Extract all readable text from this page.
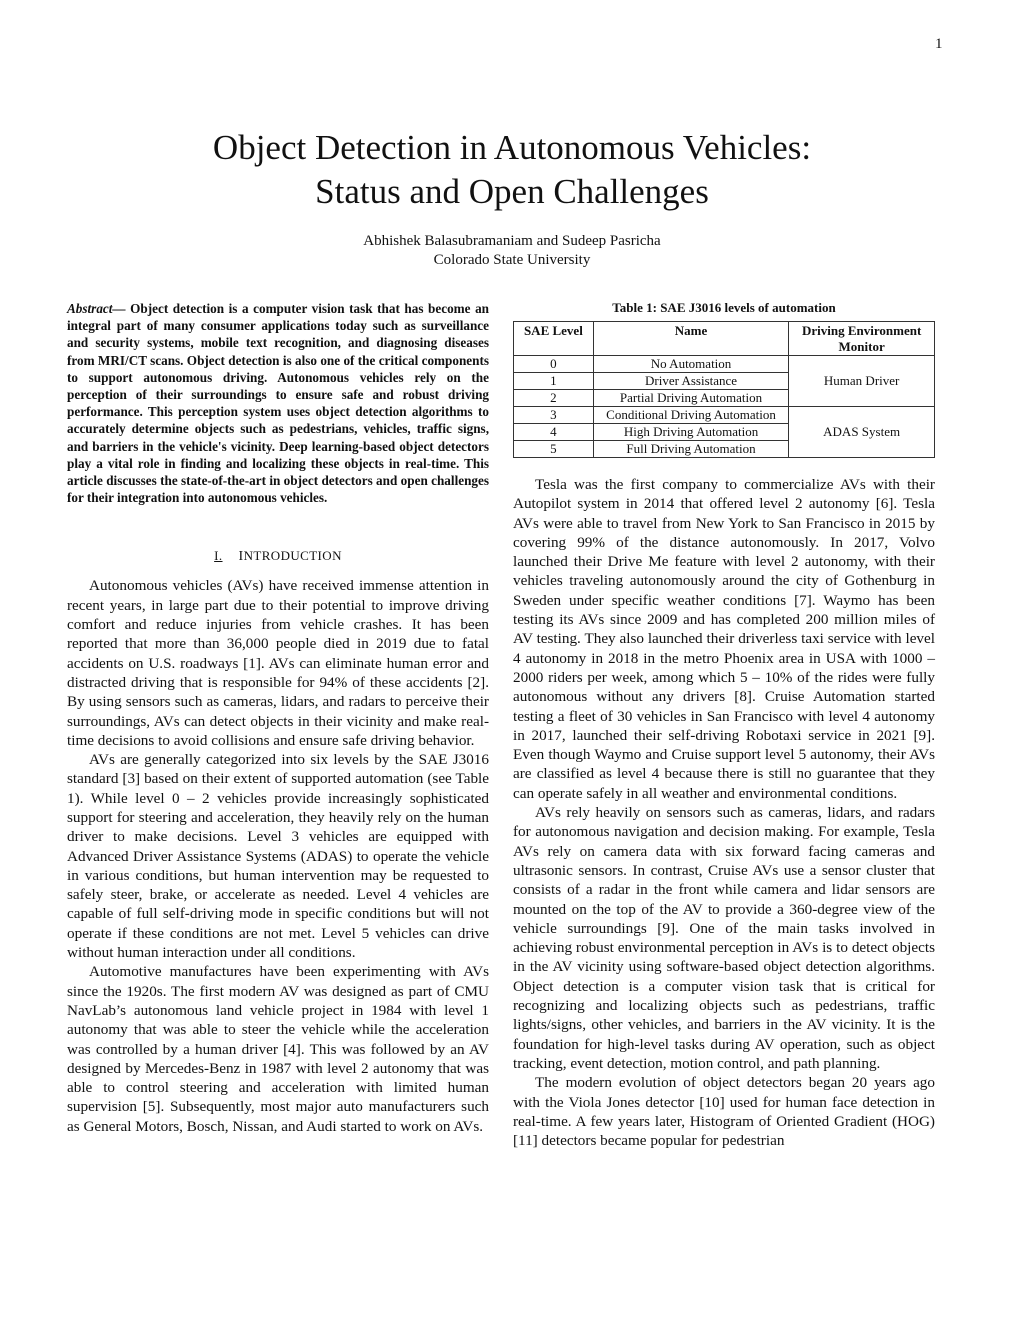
1
Object Detection in Autonomous Vehicles:
Status and Open Challenges
Abhishek Balasubramaniam and Sudeep Pasricha
Colorado State University

Abstract— Object detection is a computer vision task that has become an integral part of many consumer applications today such as surveillance and security systems, mobile text recognition, and diagnosing diseases from MRI/CT scans. Object detection is also one of the critical components to support autonomous driving. Autonomous vehicles rely on the perception of their surroundings to ensure safe and robust driving performance. This perception system uses object detection algorithms to accurately determine objects such as pedestrians, vehicles, traffic signs, and barriers in the vehicle's vicinity. Deep learning-based object detectors play a vital role in finding and localizing these objects in real-time. This article discusses the state-of-the-art in object detectors and open challenges for their integration into autonomous vehicles.

I. INTRODUCTION

Autonomous vehicles (AVs) have received immense attention in recent years, in large part due to their potential to improve driving comfort and reduce injuries from vehicle crashes. It has been reported that more than 36,000 people died in 2019 due to fatal accidents on U.S. roadways [1]. AVs can eliminate human error and distracted driving that is responsible for 94% of these accidents [2]. By using sensors such as cameras, lidars, and radars to perceive their surroundings, AVs can detect objects in their vicinity and make real-time decisions to avoid collisions and ensure safe driving behavior.

AVs are generally categorized into six levels by the SAE J3016 standard [3] based on their extent of supported automation (see Table 1). While level 0 – 2 vehicles provide increasingly sophisticated support for steering and acceleration, they heavily rely on the human driver to make decisions. Level 3 vehicles are equipped with Advanced Driver Assistance Systems (ADAS) to operate the vehicle in various conditions, but human intervention may be requested to safely steer, brake, or accelerate as needed. Level 4 vehicles are capable of full self-driving mode in specific conditions but will not operate if these conditions are not met. Level 5 vehicles can drive without human interaction under all conditions.

Automotive manufactures have been experimenting with AVs since the 1920s. The first modern AV was designed as part of CMU NavLab’s autonomous land vehicle project in 1984 with level 1 autonomy that was able to steer the vehicle while the acceleration was controlled by a human driver [4]. This was followed by an AV designed by Mercedes-Benz in 1987 with level 2 autonomy that was able to control steering and acceleration with limited human supervision [5]. Subsequently, most major auto manufacturers such as General Motors, Bosch, Nissan, and Audi started to work on AVs.

Table 1: SAE J3016 levels of automation

SAE Level	Name	Driving Environment Monitor
0	No Automation	Human Driver
1	Driver Assistance	
2	Partial Driving Automation	
3	Conditional Driving Automation	ADAS System
4	High Driving Automation	
5	Full Driving Automation	

Tesla was the first company to commercialize AVs with their Autopilot system in 2014 that offered level 2 autonomy [6]. Tesla AVs were able to travel from New York to San Francisco in 2015 by covering 99% of the distance autonomously. In 2017, Volvo launched their Drive Me feature with level 2 autonomy, with their vehicles traveling autonomously around the city of Gothenburg in Sweden under specific weather conditions [7]. Waymo has been testing its AVs since 2009 and has completed 200 million miles of AV testing. They also launched their driverless taxi service with level 4 autonomy in 2018 in the metro Phoenix area in USA with 1000 – 2000 riders per week, among which 5 – 10% of the rides were fully autonomous without any drivers [8]. Cruise Automation started testing a fleet of 30 vehicles in San Francisco with level 4 autonomy in 2017, launched their self-driving Robotaxi service in 2021 [9]. Even though Waymo and Cruise support level 5 autonomy, their AVs are classified as level 4 because there is still no guarantee that they can operate safely in all weather and environmental conditions.

AVs rely heavily on sensors such as cameras, lidars, and radars for autonomous navigation and decision making. For example, Tesla AVs rely on camera data with six forward facing cameras and ultrasonic sensors. In contrast, Cruise AVs use a sensor cluster that consists of a radar in the front while camera and lidar sensors are mounted on the top of the AV to provide a 360-degree view of the vehicle surroundings [9]. One of the main tasks involved in achieving robust environmental perception in AVs is to detect objects in the AV vicinity using software-based object detection algorithms. Object detection is a computer vision task that is critical for recognizing and localizing objects such as pedestrians, traffic lights/signs, other vehicles, and barriers in the AV vicinity. It is the foundation for high-level tasks during AV operation, such as object tracking, event detection, motion control, and path planning.

The modern evolution of object detectors began 20 years ago with the Viola Jones detector [10] used for human face detection in real-time. A few years later, Histogram of Oriented Gradient (HOG) [11] detectors became popular for pedestrian
